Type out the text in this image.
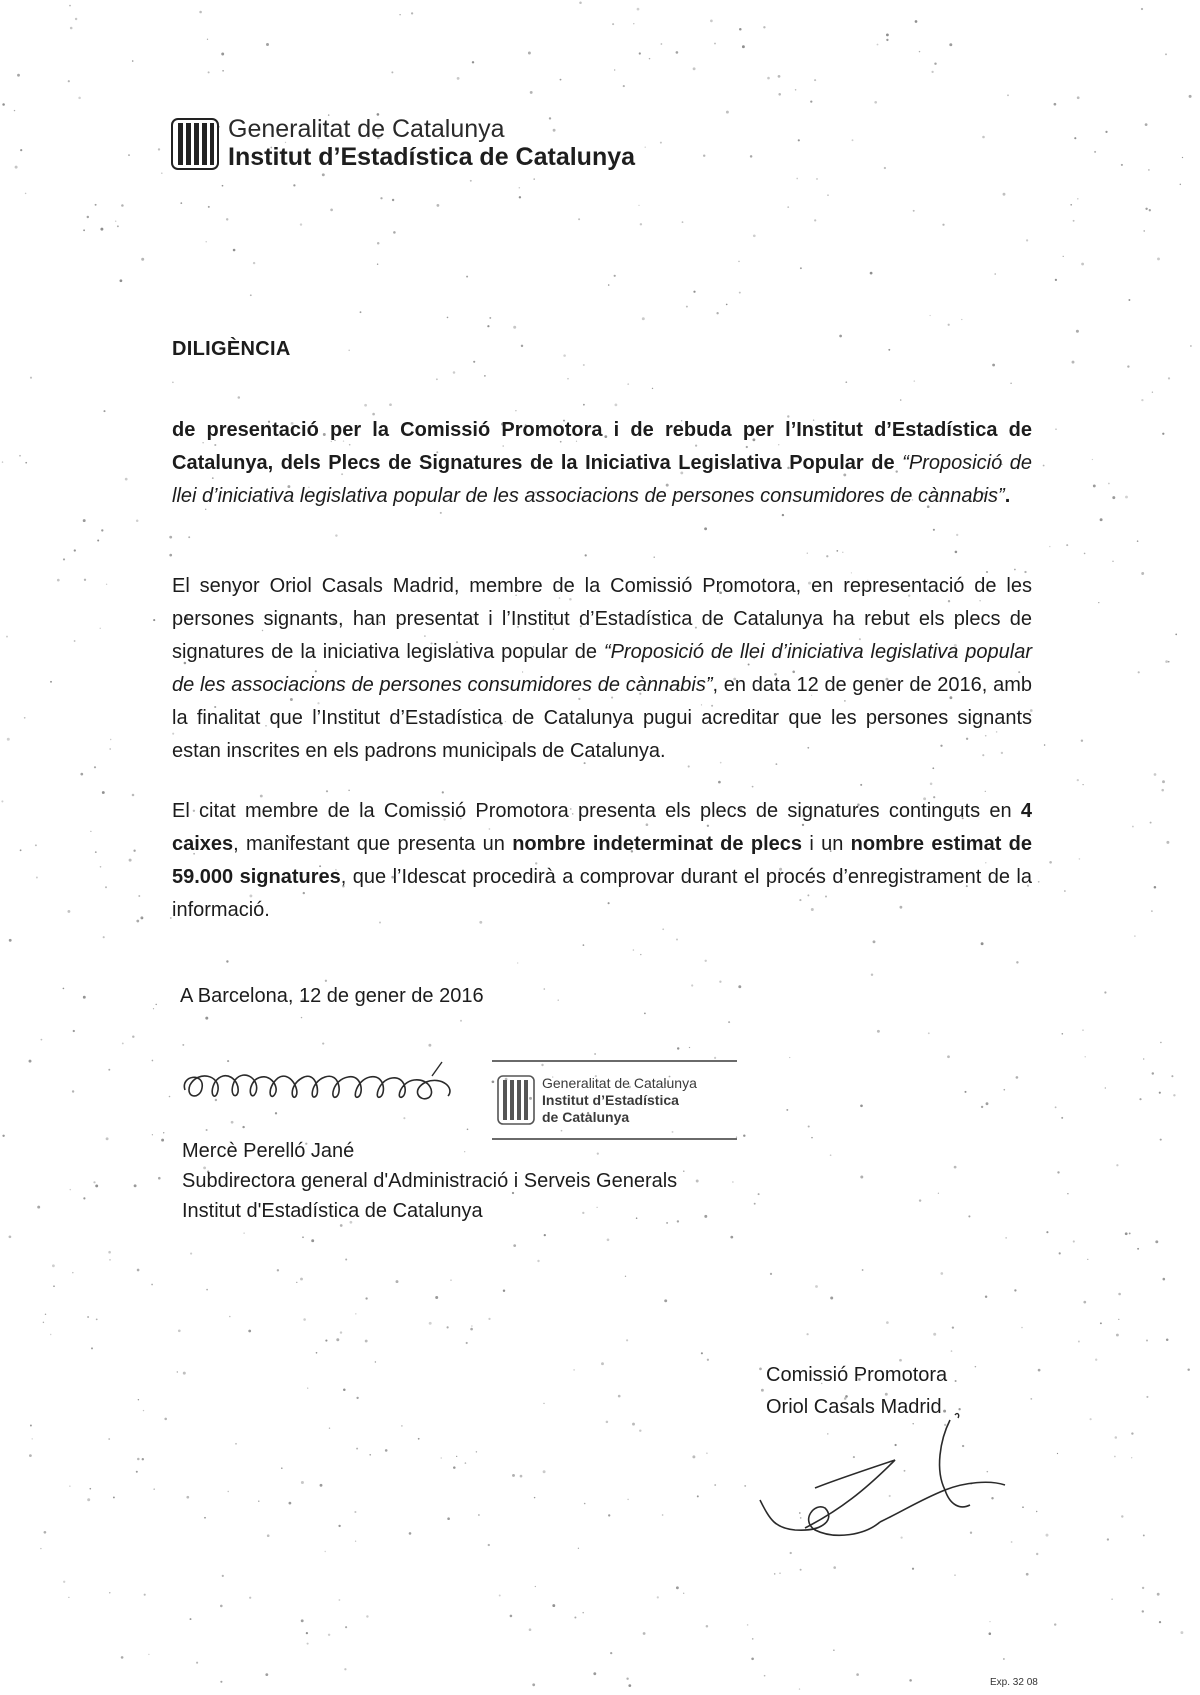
Generalitat de Catalunya
Institut d’Estadística de Catalunya
DILIGÈNCIA
de presentació per la Comissió Promotora i de rebuda per l’Institut d’Estadística de Catalunya, dels Plecs de Signatures de la Iniciativa Legislativa Popular de “Proposició de llei d’iniciativa legislativa popular de les associacions de persones consumidores de cànnabis”.
El senyor Oriol Casals Madrid, membre de la Comissió Promotora, en representació de les persones signants, han presentat i l’Institut d’Estadística de Catalunya ha rebut els plecs de signatures de la iniciativa legislativa popular de “Proposició de llei d’iniciativa legislativa popular de les associacions de persones consumidores de cànnabis”, en data 12 de gener de 2016, amb la finalitat que l’Institut d’Estadística de Catalunya pugui acreditar que les persones signants estan inscrites en els padrons municipals de Catalunya.
El citat membre de la Comissió Promotora presenta els plecs de signatures continguts en 4 caixes, manifestant que presenta un nombre indeterminat de plecs i un nombre estimat de 59.000 signatures, que l’Idescat procedirà a comprovar durant el procés d’enregistrament de la informació.
A Barcelona, 12 de gener de 2016
Generalitat de Catalunya
Institut d’Estadística
de Catalunya
Mercè Perelló Jané
Subdirectora general d'Administració i Serveis Generals
Institut d'Estadística de Catalunya
Comissió Promotora
Oriol Casals Madrid
Exp. 32 08
